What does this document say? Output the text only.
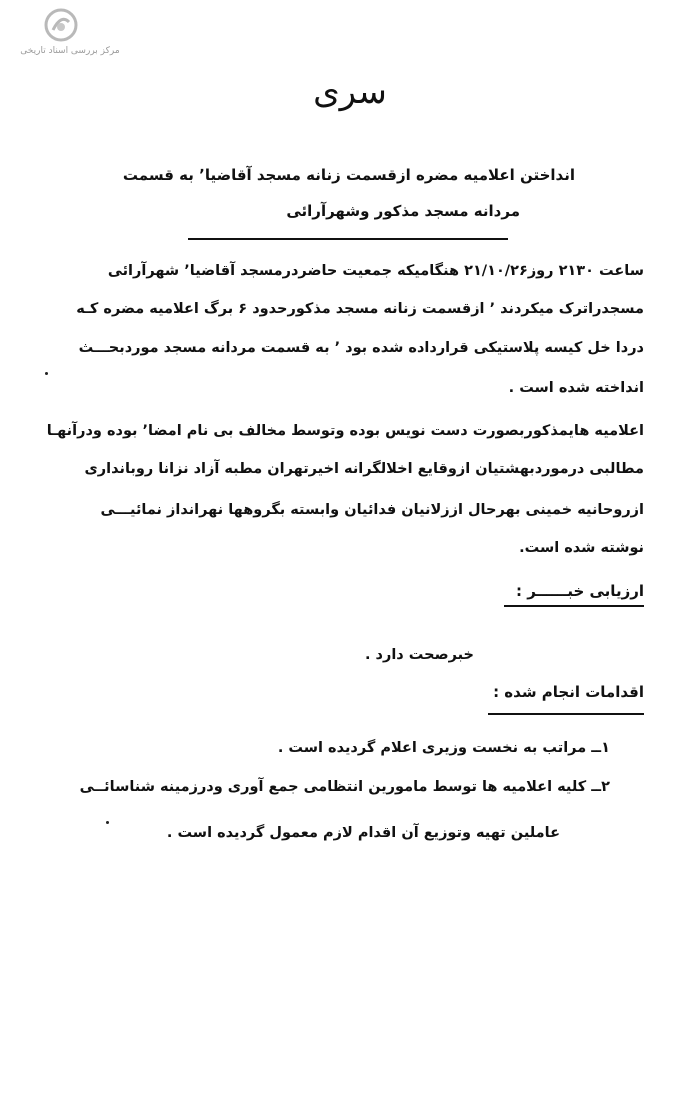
مرکز بررسی اسناد تاریخی
سری
انداختن اعلامیه مضره ازقسمت زنانه مسجد آقاضیا٬ به قسمت
مردانه مسجد مذکور وشهرآرائی
ساعت ۲۱۳۰ روز۲۱/۱۰/۲۶ هنگامیکه جمعیت حاضردرمسجد آقاضیا٬ شهرآرائی
مسجدراترک میکردند ٬ ازقسمت زنانه مسجد مذکورحدود ۶ برگ اعلامیه مضره کـه
دردا خل کیسه پلاستیکی قرارداده شده بود ٬ به قسمت مردانه مسجد موردبحـــث
انداخته شده است .
اعلامیه هایمذکوربصورت دست نویس بوده وتوسط مخالف بی نام امضا٬ بوده ودرآنهـا
مطالبی درموردبهشتیان ازوقایع اخلالگرانه اخیرتهران مطبه آزاد نزانا روبانداری
ازروحانیه خمینی بهرحال اززلانیان فدائیان وابسته بگروهها نهرانداز نمائیـــی
نوشته شده است.
ارزیابی خبــــــر :
خبرصحت دارد .
اقدامات انجام شده :
۱ــ مراتب به نخست وزیری اعلام گردیده است .
۲ــ کلیه اعلامیه ها توسط مامورین انتظامی جمع آوری ودرزمینه شناسائــی
عاملین تهیه وتوزیع آن اقدام لازم معمول گردیده است .
